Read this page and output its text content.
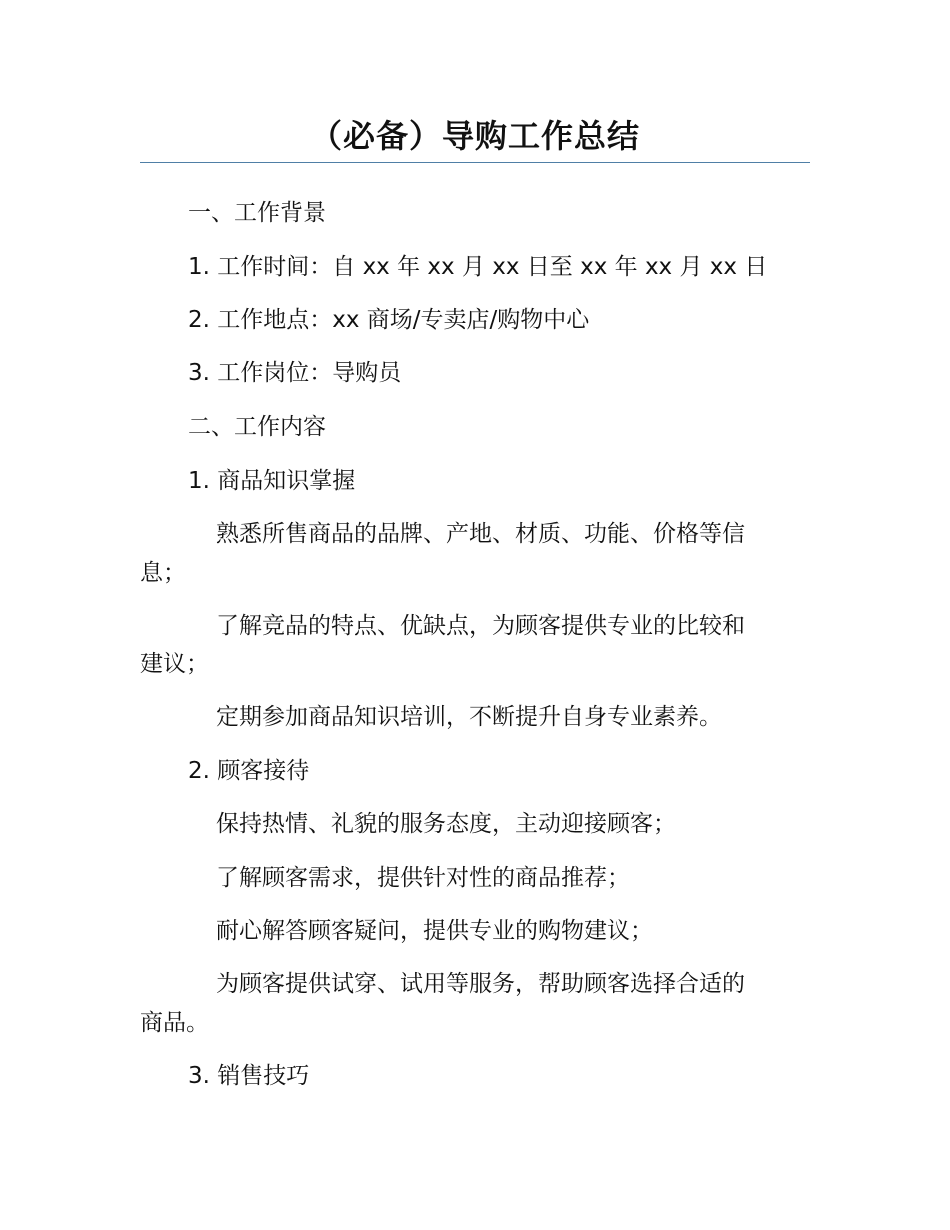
（必备）导购工作总结
一、工作背景
1. 工作时间：自 xx 年 xx 月 xx 日至 xx 年 xx 月 xx 日
2. 工作地点：xx 商场/专卖店/购物中心
3. 工作岗位：导购员
二、工作内容
1. 商品知识掌握
熟悉所售商品的品牌、产地、材质、功能、价格等信
息；
了解竞品的特点、优缺点，为顾客提供专业的比较和
建议；
定期参加商品知识培训，不断提升自身专业素养。
2. 顾客接待
保持热情、礼貌的服务态度，主动迎接顾客；
了解顾客需求，提供针对性的商品推荐；
耐心解答顾客疑问，提供专业的购物建议；
为顾客提供试穿、试用等服务，帮助顾客选择合适的
商品。
3. 销售技巧
